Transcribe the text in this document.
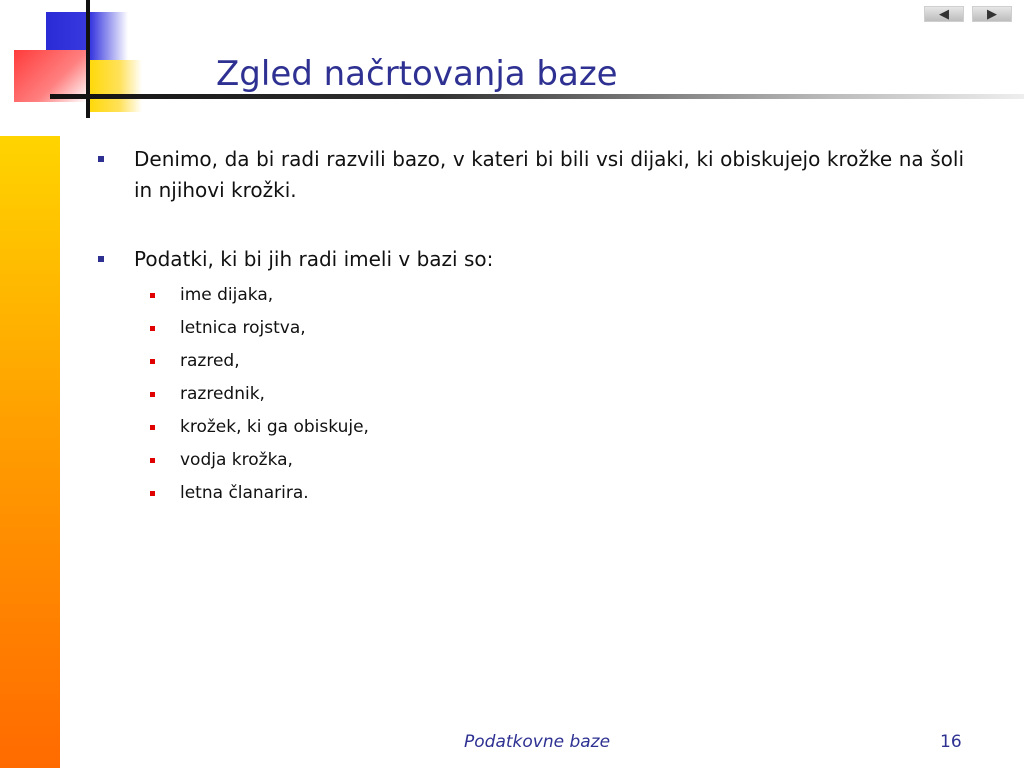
Zgled načrtovanja baze
◀	▶
Denimo, da bi radi razvili bazo, v kateri bi bili vsi dijaki, ki obiskujejo krožke na šoli in njihovi krožki.
Podatki, ki bi jih radi imeli v bazi so:
ime dijaka,
letnica rojstva,
razred,
razrednik,
krožek, ki ga obiskuje,
vodja krožka,
letna članarira.
Podatkovne baze	16
